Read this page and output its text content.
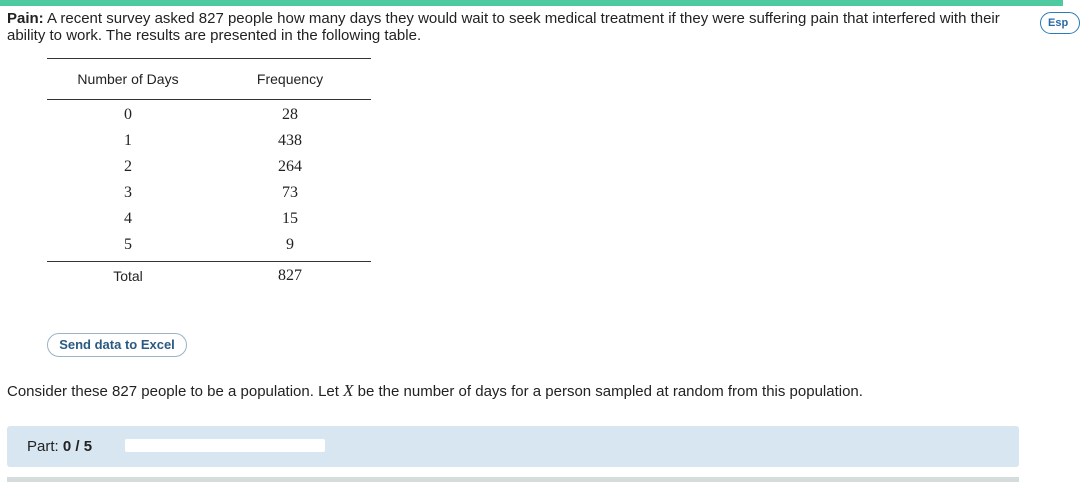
Esp
Pain: A recent survey asked 827 people how many days they would wait to seek medical treatment if they were suffering pain that interfered with their ability to work. The results are presented in the following table.
Number of Days	Frequency
0	28
1	438
2	264
3	73
4	15
5	9
Total	827
Send data to Excel
Consider these 827 people to be a population. Let X be the number of days for a person sampled at random from this population.
Part: 0 / 5
